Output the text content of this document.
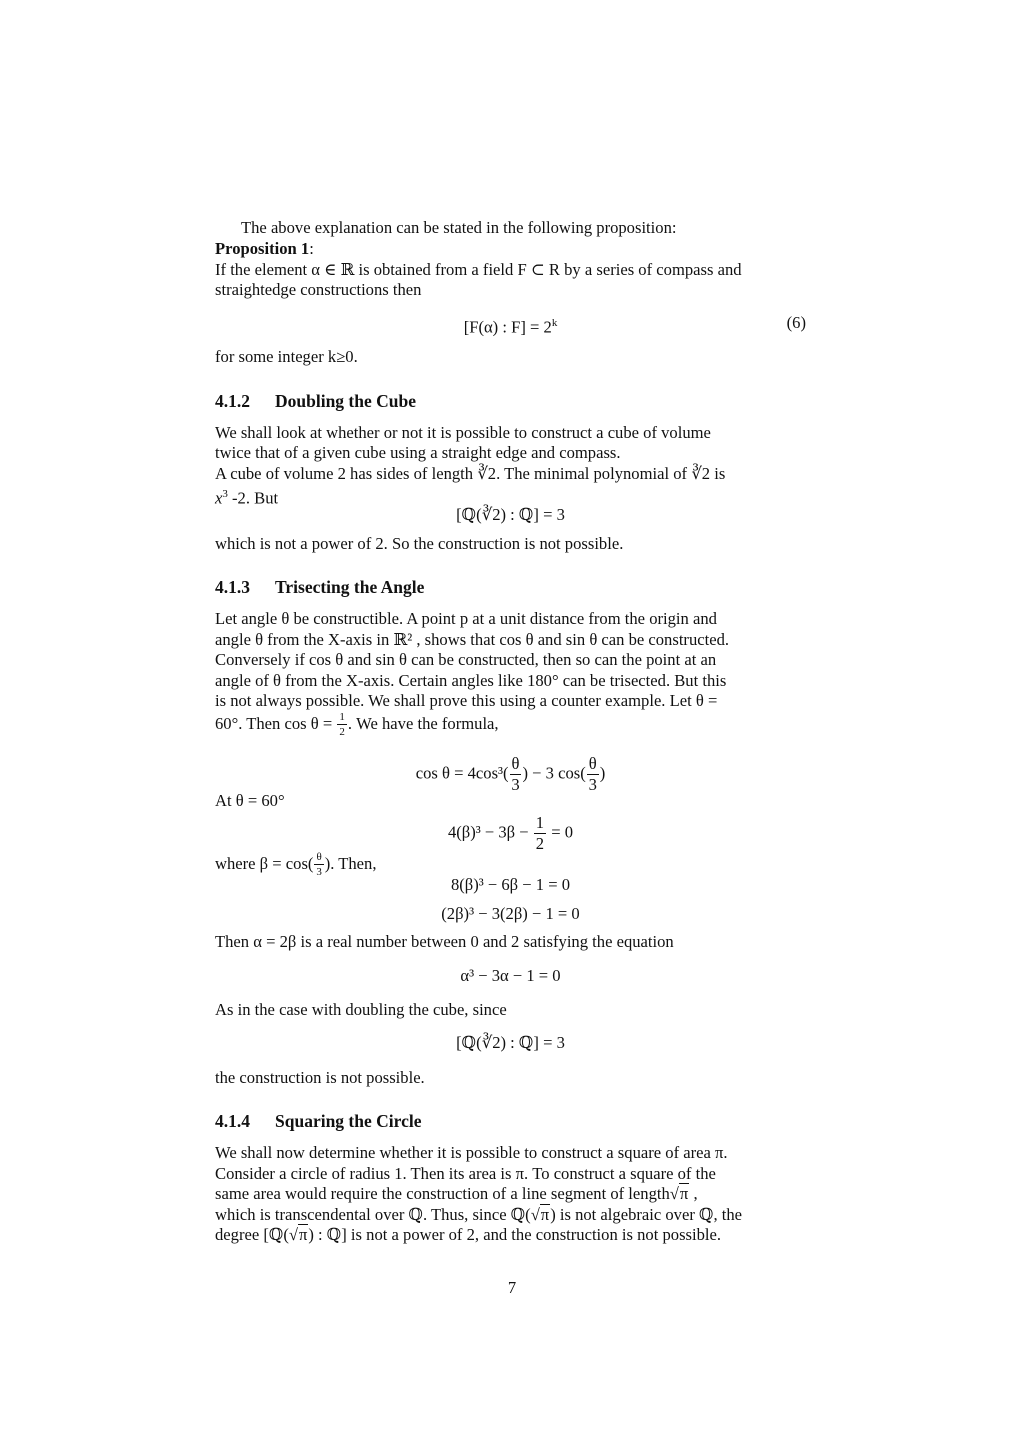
The above explanation can be stated in the following proposition:
Proposition 1:
If the element α ∈ ℝ is obtained from a field F ⊂ R by a series of compass and
straightedge constructions then
[F(α) : $F] = 2^k$	(6)
for some integer k≥0.
4.1.2 Doubling the Cube
We shall look at whether or not it is possible to construct a cube of volume
twice that of a given cube using a straight edge and compass.
A cube of volume 2 has sides of length ∛2. The minimal polynomial of ∛2 is
$x^3$ -2. But
[ℚ(∛2) : ℚ] = 3
which is not a power of 2. So the construction is not possible.
4.1.3 Trisecting the Angle
Let angle θ be constructible. A point p at a unit distance from the origin and
angle θ from the X-axis in ℝ² , shows that cos θ and sin θ can be constructed.
Conversely if cos θ and sin θ can be constructed, then so can the point at an
angle of θ from the X-axis. Certain angles like 180° can be trisected. But this
is not always possible. We shall prove this using a counter example. Let θ =
60°. Then $\cos \theta = \frac{1}{2}$ . We have the formula,
$\cos \theta = 4\cos^3( \frac{\theta}{3}$ ) − 3 $\cos( \frac{\theta}{3}$ )
At θ = 60°
$4(\beta)^3 - 3\beta - \frac{1}{2} = 0$
where $\beta = \cos( \frac{\theta}{3}$ ). Then,
8(β)³ − 6β − 1 = 0
(2β)³ − 3(2β) − 1 = 0
Then α = 2β is a real number between 0 and 2 satisfying the equation
α³ − 3α − 1 = 0
As in the case with doubling the cube, since
[ℚ(∛2) : ℚ] = 3
the construction is not possible.
4.1.4 Squaring the Circle
We shall now determine whether it is possible to construct a square of area π.
Consider a circle of radius 1. Then its area is π. To construct a square of the
same area would require the construction of a line segment of length√π ,
which is transcendental over ℚ. Thus, since ℚ(√π) is not algebraic over ℚ, the
degree [ℚ(√π) : ℚ] is not a power of 2, and the construction is not possible.
7
